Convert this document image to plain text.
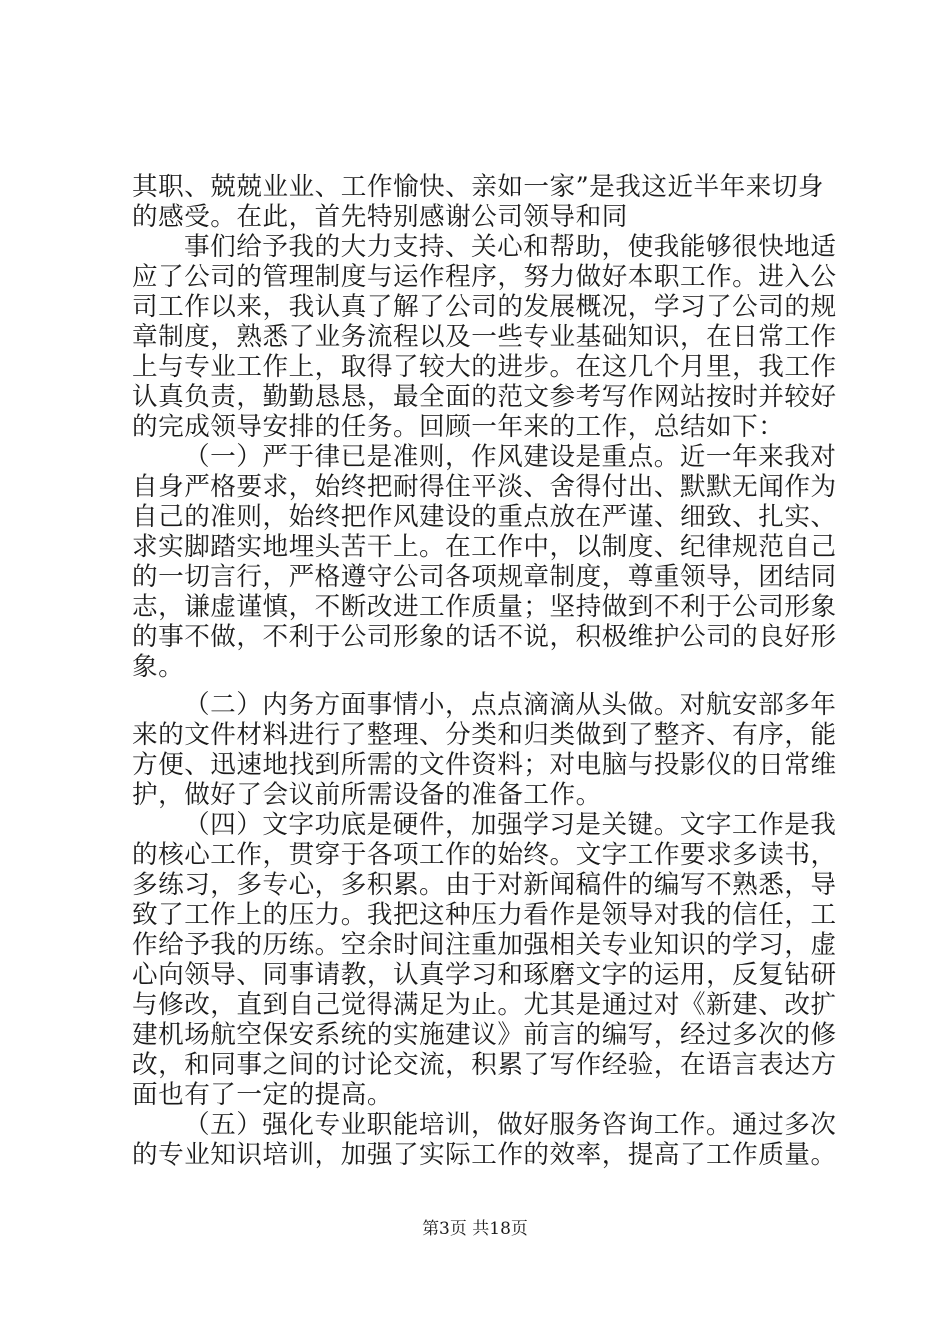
其职、兢兢业业、工作愉快、亲如一家”是我这近半年来切身
的感受。在此，首先特别感谢公司领导和同
事们给予我的大力支持、关心和帮助，使我能够很快地适
应了公司的管理制度与运作程序，努力做好本职工作。进入公
司工作以来，我认真了解了公司的发展概况，学习了公司的规
章制度，熟悉了业务流程以及一些专业基础知识，在日常工作
上与专业工作上，取得了较大的进步。在这几个月里，我工作
认真负责，勤勤恳恳，最全面的范文参考写作网站按时并较好
的完成领导安排的任务。回顾一年来的工作，总结如下：
（一）严于律已是准则，作风建设是重点。近一年来我对
自身严格要求，始终把耐得住平淡、舍得付出、默默无闻作为
自己的准则，始终把作风建设的重点放在严谨、细致、扎实、
求实脚踏实地埋头苦干上。在工作中，以制度、纪律规范自己
的一切言行，严格遵守公司各项规章制度，尊重领导，团结同
志，谦虚谨慎，不断改进工作质量；坚持做到不利于公司形象
的事不做，不利于公司形象的话不说，积极维护公司的良好形
象。
（二）内务方面事情小，点点滴滴从头做。对航安部多年
来的文件材料进行了整理、分类和归类做到了整齐、有序，能
方便、迅速地找到所需的文件资料；对电脑与投影仪的日常维
护，做好了会议前所需设备的准备工作。
（四）文字功底是硬件，加强学习是关键。文字工作是我
的核心工作，贯穿于各项工作的始终。文字工作要求多读书，
多练习，多专心，多积累。由于对新闻稿件的编写不熟悉，导
致了工作上的压力。我把这种压力看作是领导对我的信任，工
作给予我的历练。空余时间注重加强相关专业知识的学习，虚
心向领导、同事请教，认真学习和琢磨文字的运用，反复钻研
与修改，直到自己觉得满足为止。尤其是通过对《新建、改扩
建机场航空保安系统的实施建议》前言的编写，经过多次的修
改，和同事之间的讨论交流，积累了写作经验，在语言表达方
面也有了一定的提高。
（五）强化专业职能培训，做好服务咨询工作。通过多次
的专业知识培训，加强了实际工作的效率，提高了工作质量。
第3页 共18页
